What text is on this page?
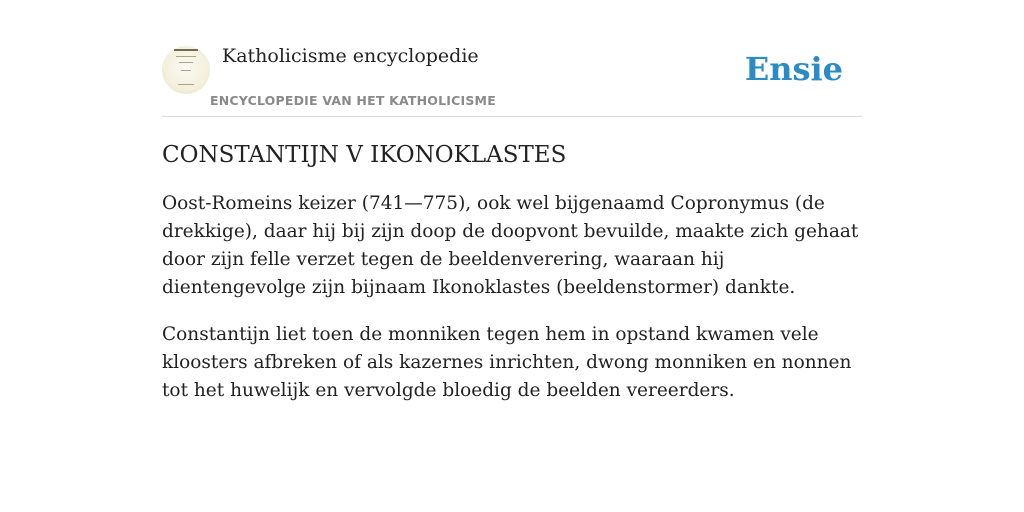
Katholicisme encyclopedie
ENCYCLOPEDIE VAN HET KATHOLICISME
Ensie
CONSTANTIJN V IKONOKLASTES

Oost-Romeins keizer (741—775), ook wel bijgenaamd Copronymus (de drekkige), daar hij bij zijn doop de doopvont bevuilde, maakte zich gehaat door zijn felle verzet tegen de beeldenverering, waaraan hij dientengevolge zijn bijnaam Ikonoklastes (beeldenstormer) dankte.

Constantijn liet toen de monniken tegen hem in opstand kwamen vele kloosters afbreken of als kazernes inrichten, dwong monniken en nonnen tot het huwelijk en vervolgde bloedig de beelden vereerders.
